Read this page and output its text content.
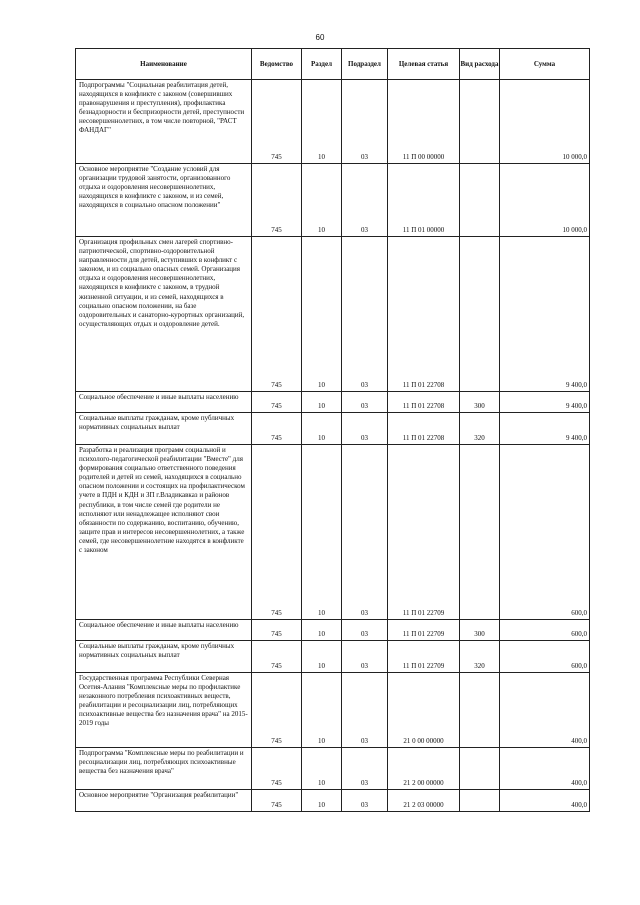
60
Наименование	Ведомство	Раздел	Подраздел	Целевая статья	Вид расхода	Сумма
Подпрограммы "Социальная реабилитация детей, находящихся в конфликте с законом (совершивших правонарушения и преступления), профилактика безнадзорности и беспризорности детей, преступности несовершеннолетних, в том числе повторной, "РАСТ ФАНДАГ"	745	10	03	11 П 00 00000		10 000,0
Основное мероприятие "Создание условий для организации трудовой занятости, организованного отдыха и оздоровления несовершеннолетних, находящихся в конфликте с законом, и из семей, находящихся в социально опасном положении"	745	10	03	11 П 01 00000		10 000,0
Организация профильных смен лагерей спортивно-патриотической, спортивно-оздоровительной направленности для детей, вступивших в конфликт с законом, и из социально опасных семей. Организация отдыха и оздоровления несовершеннолетних, находящихся в конфликте с законом, в трудной жизненной ситуации, и из семей, находящихся в социально опасном положении, на базе оздоровительных и санаторно-курортных организаций, осуществляющих отдых и оздоровление детей.	745	10	03	11 П 01 22708		9 400,0
Социальное обеспечение и иные выплаты населению	745	10	03	11 П 01 22708	300	9 400,0
Социальные выплаты гражданам, кроме публичных нормативных социальных выплат	745	10	03	11 П 01 22708	320	9 400,0
Разработка и реализация программ социальной и психолого-педагогической реабилитации "Вместе" для формирования социально ответственного поведения родителей и детей из семей, находящихся в социально опасном положении и состоящих на профилактическом учете в ПДН и КДН и ЗП г.Владикавказ и районов республики, в том числе семей где родители не исполняют или ненадлежащее исполняют свои обязанности по содержанию, воспитанию, обучению, защите прав и интересов несовершеннолетних, а также семей, где несовершеннолетние находятся в конфликте с законом	745	10	03	11 П 01 22709		600,0
Социальное обеспечение и иные выплаты населению	745	10	03	11 П 01 22709	300	600,0
Социальные выплаты гражданам, кроме публичных нормативных социальных выплат	745	10	03	11 П 01 22709	320	600,0
Государственная программа Республики Северная Осетия-Алания "Комплексные меры по профилактике незаконного потребления психоактивных веществ, реабилитации и ресоциализации лиц, потребляющих психоактивные вещества без назначения врача" на 2015-2019 годы	745	10	03	21 0 00 00000		400,0
Подпрограмма "Комплексные меры по реабилитации и ресоциализации лиц, потребляющих психоактивные вещества без назначения врача"	745	10	03	21 2 00 00000		400,0
Основное мероприятие "Организация реабилитации"	745	10	03	21 2 03 00000		400,0
